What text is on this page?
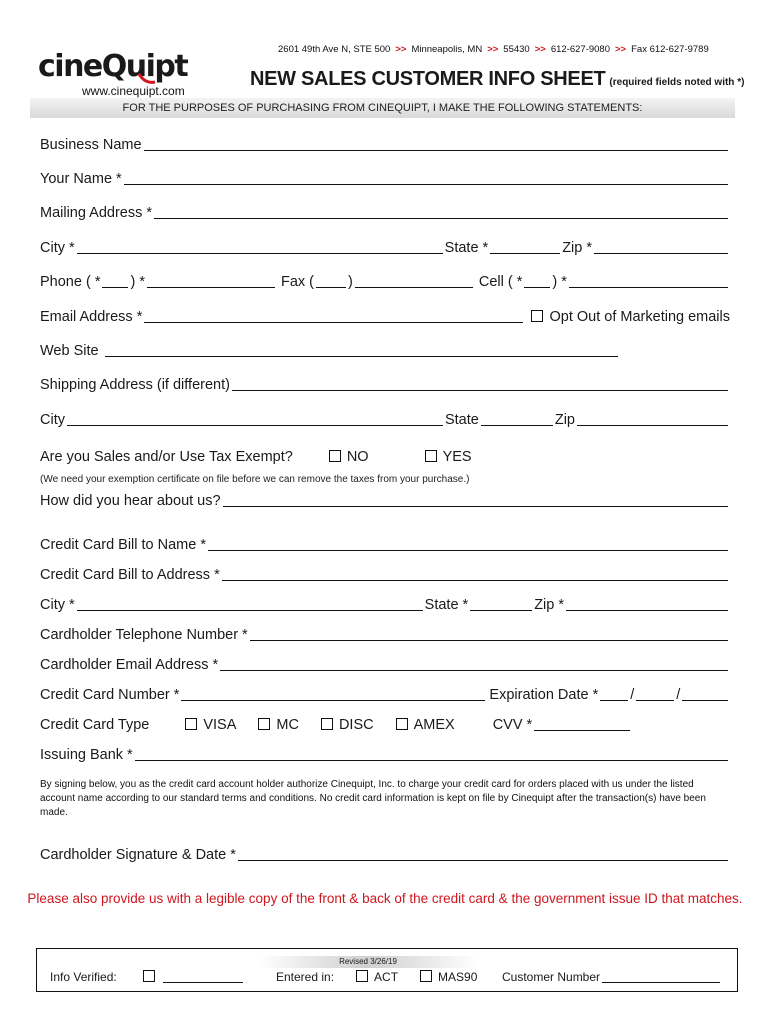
cineQuipt
www.cinequipt.com
2601 49th Ave N, STE 500 >> Minneapolis, MN >> 55430 >> 612-627-9080 >> Fax 612-627-9789
NEW SALES CUSTOMER INFO SHEET (required fields noted with *)
FOR THE PURPOSES OF PURCHASING FROM CINEQUIPT, I MAKE THE FOLLOWING STATEMENTS:
Business Name
Your Name *
Mailing Address *
City *	State *	Zip *
Phone ( * ) *	Fax ( )	Cell ( * ) *
Email Address *	Opt Out of Marketing emails
Web Site
Shipping Address (if different)
City	State	Zip
Are you Sales and/or Use Tax Exempt?	NO	YES
(We need your exemption certificate on file before we can remove the taxes from your purchase.)
How did you hear about us?
Credit Card Bill to Name *
Credit Card Bill to Address *
City *	State *	Zip *
Cardholder Telephone Number *
Cardholder Email Address *
Credit Card Number *	Expiration Date * /	/
Credit Card Type	VISA	MC	DISC	AMEX	CVV *
Issuing Bank *
By signing below, you as the credit card account holder authorize Cinequipt, Inc. to charge your credit card for orders placed with us under the listed account name according to our standard terms and conditions. No credit card information is kept on file by Cinequipt after the transaction(s) have been made.
Cardholder Signature & Date *
Please also provide us with a legible copy of the front & back of the credit card & the government issue ID that matches.
Revised 3/26/19
Info Verified:	Entered in:	ACT	MAS90 Customer Number
